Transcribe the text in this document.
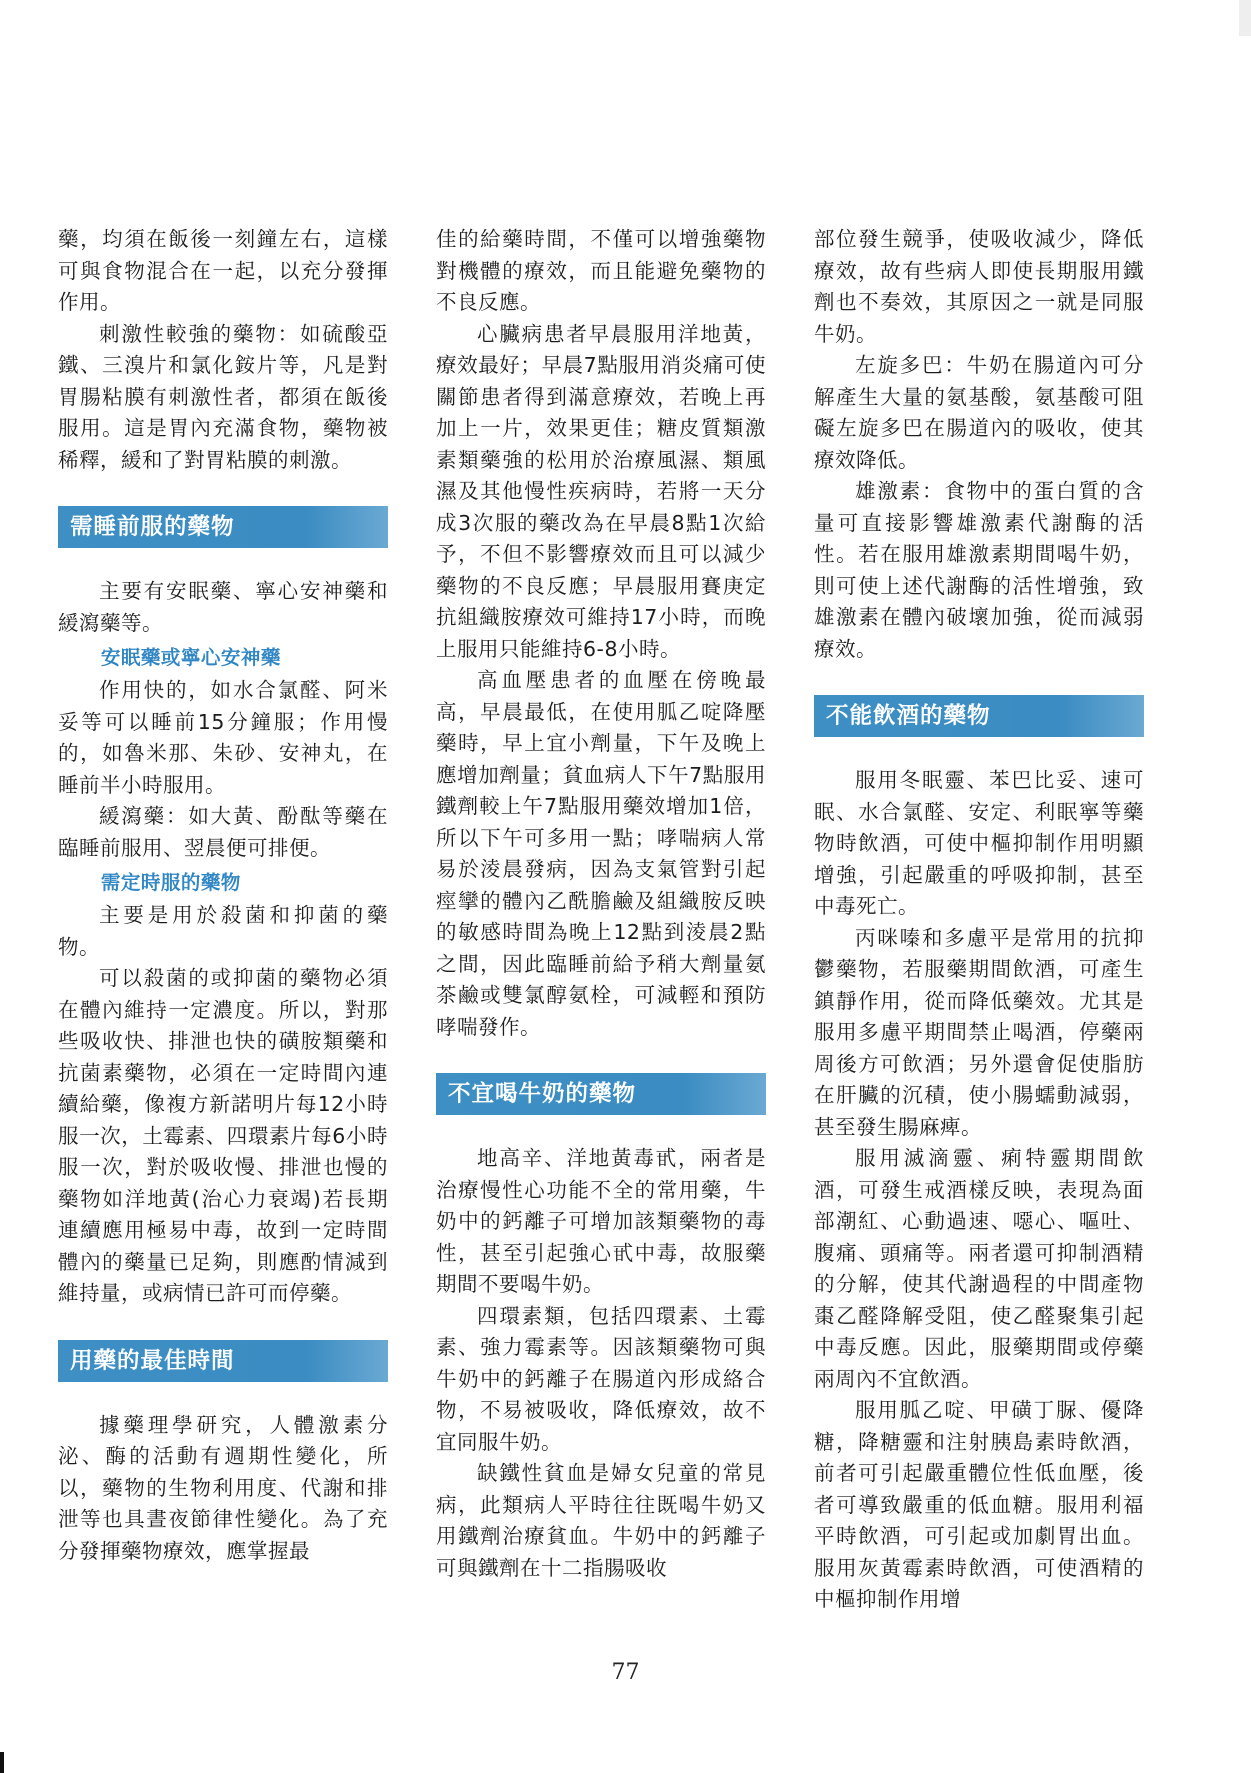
藥，均須在飯後一刻鐘左右，這樣可與食物混合在一起，以充分發揮作用。

刺激性較強的藥物：如硫酸亞鐵、三溴片和氯化銨片等，凡是對胃腸粘膜有刺激性者，都須在飯後服用。這是胃內充滿食物，藥物被稀釋，緩和了對胃粘膜的刺激。

需睡前服的藥物

主要有安眠藥、寧心安神藥和緩瀉藥等。

安眠藥或寧心安神藥

作用快的，如水合氯醛、阿米妥等可以睡前15分鐘服；作用慢的，如魯米那、朱砂、安神丸，在睡前半小時服用。

緩瀉藥：如大黃、酚酞等藥在臨睡前服用、翌晨便可排便。

需定時服的藥物

主要是用於殺菌和抑菌的藥物。

可以殺菌的或抑菌的藥物必須在體內維持一定濃度。所以，對那些吸收快、排泄也快的磺胺類藥和抗菌素藥物，必須在一定時間內連續給藥，像複方新諾明片每12小時服一次，土霉素、四環素片每6小時服一次，對於吸收慢、排泄也慢的藥物如洋地黃(治心力衰竭)若長期連續應用極易中毒，故到一定時間體內的藥量已足夠，則應酌情減到維持量，或病情已許可而停藥。

用藥的最佳時間

據藥理學研究，人體激素分泌、酶的活動有週期性變化，所以，藥物的生物利用度、代謝和排泄等也具晝夜節律性變化。為了充分發揮藥物療效，應掌握最

佳的給藥時間，不僅可以增強藥物對機體的療效，而且能避免藥物的不良反應。

心臟病患者早晨服用洋地黃，療效最好；早晨7點服用消炎痛可使關節患者得到滿意療效，若晚上再加上一片，效果更佳；糖皮質類激素類藥強的松用於治療風濕、類風濕及其他慢性疾病時，若將一天分成3次服的藥改為在早晨8點1次給予，不但不影響療效而且可以減少藥物的不良反應；早晨服用賽庚定抗組織胺療效可維持17小時，而晚上服用只能維持6-8小時。

高血壓患者的血壓在傍晚最高，早晨最低，在使用胍乙啶降壓藥時，早上宜小劑量，下午及晚上應增加劑量；貧血病人下午7點服用鐵劑較上午7點服用藥效增加1倍，所以下午可多用一點；哮喘病人常易於淩晨發病，因為支氣管對引起痙攣的體內乙酰膽鹼及組織胺反映的敏感時間為晚上12點到淩晨2點之間，因此臨睡前給予稍大劑量氨茶鹼或雙氯醇氨栓，可減輕和預防哮喘發作。

不宜喝牛奶的藥物

地高辛、洋地黃毒甙，兩者是治療慢性心功能不全的常用藥，牛奶中的鈣離子可增加該類藥物的毒性，甚至引起強心甙中毒，故服藥期間不要喝牛奶。

四環素類，包括四環素、土霉素、強力霉素等。因該類藥物可與牛奶中的鈣離子在腸道內形成絡合物，不易被吸收，降低療效，故不宜同服牛奶。

缺鐵性貧血是婦女兒童的常見病，此類病人平時往往既喝牛奶又用鐵劑治療貧血。牛奶中的鈣離子可與鐵劑在十二指腸吸收

部位發生競爭，使吸收減少，降低療效，故有些病人即使長期服用鐵劑也不奏效，其原因之一就是同服牛奶。

左旋多巴：牛奶在腸道內可分解產生大量的氨基酸，氨基酸可阻礙左旋多巴在腸道內的吸收，使其療效降低。

雄激素：食物中的蛋白質的含量可直接影響雄激素代謝酶的活性。若在服用雄激素期間喝牛奶，則可使上述代謝酶的活性增強，致雄激素在體內破壞加強，從而減弱療效。

不能飲酒的藥物

服用冬眠靈、苯巴比妥、速可眠、水合氯醛、安定、利眠寧等藥物時飲酒，可使中樞抑制作用明顯增強，引起嚴重的呼吸抑制，甚至中毒死亡。

丙咪嗪和多慮平是常用的抗抑鬱藥物，若服藥期間飲酒，可產生鎮靜作用，從而降低藥效。尤其是服用多慮平期間禁止喝酒，停藥兩周後方可飲酒；另外還會促使脂肪在肝臟的沉積，使小腸蠕動減弱，甚至發生腸麻痺。

服用滅滴靈、痢特靈期間飲酒，可發生戒酒樣反映，表現為面部潮紅、心動過速、噁心、嘔吐、腹痛、頭痛等。兩者還可抑制酒精的分解，使其代謝過程的中間產物棗乙醛降解受阻，使乙醛聚集引起中毒反應。因此，服藥期間或停藥兩周內不宜飲酒。

服用胍乙啶、甲磺丁脲、優降糖，降糖靈和注射胰島素時飲酒，前者可引起嚴重體位性低血壓，後者可導致嚴重的低血糖。服用利福平時飲酒，可引起或加劇胃出血。服用灰黃霉素時飲酒，可使酒精的中樞抑制作用增

77
